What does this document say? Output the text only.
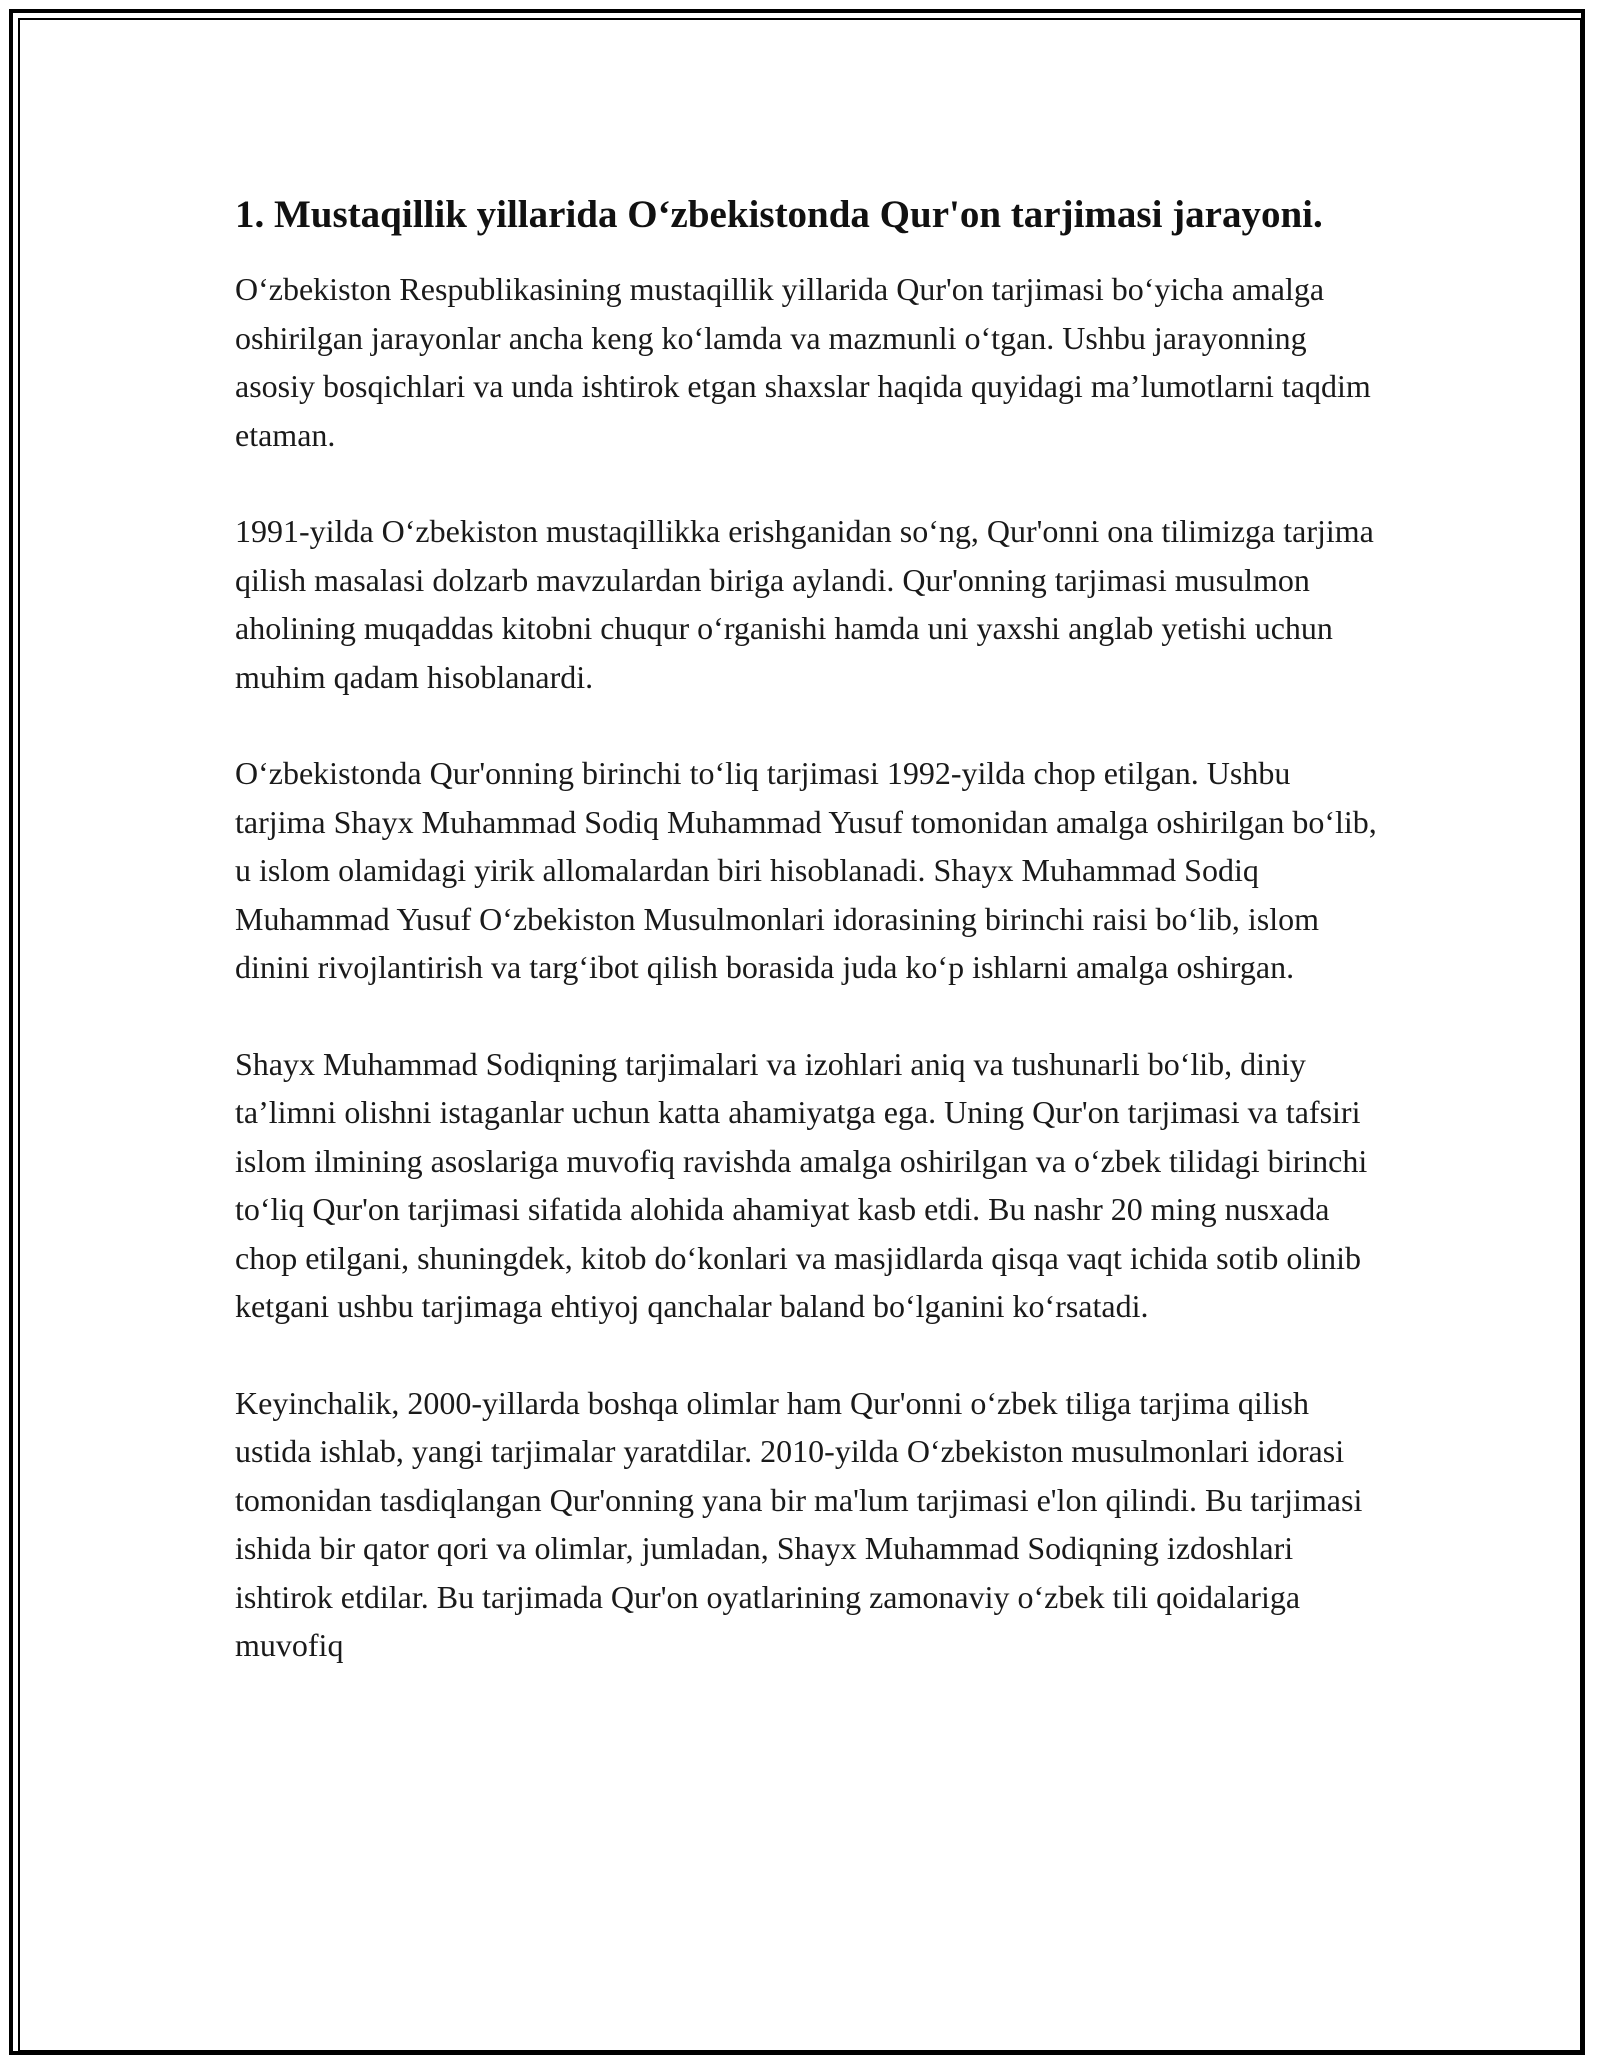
1. Mustaqillik yillarida O‘zbekistonda Qur'on tarjimasi jarayoni.

O‘zbekiston Respublikasining mustaqillik yillarida Qur'on tarjimasi bo‘yicha amalga oshirilgan jarayonlar ancha keng ko‘lamda va mazmunli o‘tgan. Ushbu jarayonning asosiy bosqichlari va unda ishtirok etgan shaxslar haqida quyidagi ma’lumotlarni taqdim etaman.

1991-yilda O‘zbekiston mustaqillikka erishganidan so‘ng, Qur'onni ona tilimizga tarjima qilish masalasi dolzarb mavzulardan biriga aylandi. Qur'onning tarjimasi musulmon aholining muqaddas kitobni chuqur o‘rganishi hamda uni yaxshi anglab yetishi uchun muhim qadam hisoblanardi.

O‘zbekistonda Qur'onning birinchi to‘liq tarjimasi 1992-yilda chop etilgan. Ushbu tarjima Shayx Muhammad Sodiq Muhammad Yusuf tomonidan amalga oshirilgan bo‘lib, u islom olamidagi yirik allomalardan biri hisoblanadi. Shayx Muhammad Sodiq Muhammad Yusuf O‘zbekiston Musulmonlari idorasining birinchi raisi bo‘lib, islom dinini rivojlantirish va targ‘ibot qilish borasida juda ko‘p ishlarni amalga oshirgan.

Shayx Muhammad Sodiqning tarjimalari va izohlari aniq va tushunarli bo‘lib, diniy ta’limni olishni istaganlar uchun katta ahamiyatga ega. Uning Qur'on tarjimasi va tafsiri islom ilmining asoslariga muvofiq ravishda amalga oshirilgan va o‘zbek tilidagi birinchi to‘liq Qur'on tarjimasi sifatida alohida ahamiyat kasb etdi. Bu nashr 20 ming nusxada chop etilgani, shuningdek, kitob do‘konlari va masjidlarda qisqa vaqt ichida sotib olinib ketgani ushbu tarjimaga ehtiyoj qanchalar baland bo‘lganini ko‘rsatadi.

Keyinchalik, 2000-yillarda boshqa olimlar ham Qur'onni o‘zbek tiliga tarjima qilish ustida ishlab, yangi tarjimalar yaratdilar. 2010-yilda O‘zbekiston musulmonlari idorasi tomonidan tasdiqlangan Qur'onning yana bir ma'lum tarjimasi e'lon qilindi. Bu tarjimasi ishida bir qator qori va olimlar, jumladan, Shayx Muhammad Sodiqning izdoshlari ishtirok etdilar. Bu tarjimada Qur'on oyatlarining zamonaviy o‘zbek tili qoidalariga muvofiq
